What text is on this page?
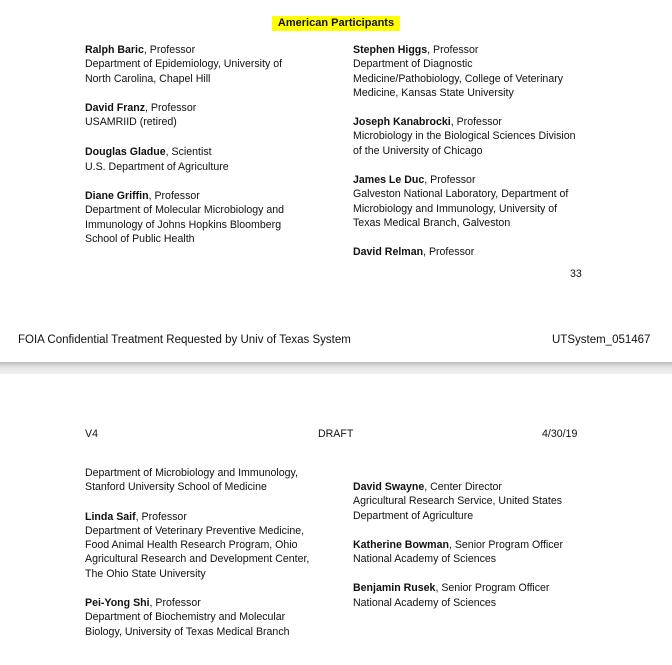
American Participants
Ralph Baric, Professor
Department of Epidemiology, University of
North Carolina, Chapel Hill
David Franz, Professor
USAMRIID (retired)
Douglas Gladue, Scientist
U.S. Department of Agriculture
Diane Griffin, Professor
Department of Molecular Microbiology and
Immunology of Johns Hopkins Bloomberg
School of Public Health
Stephen Higgs, Professor
Department of Diagnostic
Medicine/Pathobiology, College of Veterinary
Medicine, Kansas State University
Joseph Kanabrocki, Professor
Microbiology in the Biological Sciences Division
of the University of Chicago
James Le Duc, Professor
Galveston National Laboratory, Department of
Microbiology and Immunology, University of
Texas Medical Branch, Galveston
David Relman, Professor
33
FOIA Confidential Treatment Requested by Univ of Texas System	UTSystem_051467
V4	DRAFT	4/30/19
Department of Microbiology and Immunology,
Stanford University School of Medicine
Linda Saif, Professor
Department of Veterinary Preventive Medicine,
Food Animal Health Research Program, Ohio
Agricultural Research and Development Center,
The Ohio State University
Pei-Yong Shi, Professor
Department of Biochemistry and Molecular
Biology, University of Texas Medical Branch
David Swayne, Center Director
Agricultural Research Service, United States
Department of Agriculture
Katherine Bowman, Senior Program Officer
National Academy of Sciences
Benjamin Rusek, Senior Program Officer
National Academy of Sciences
